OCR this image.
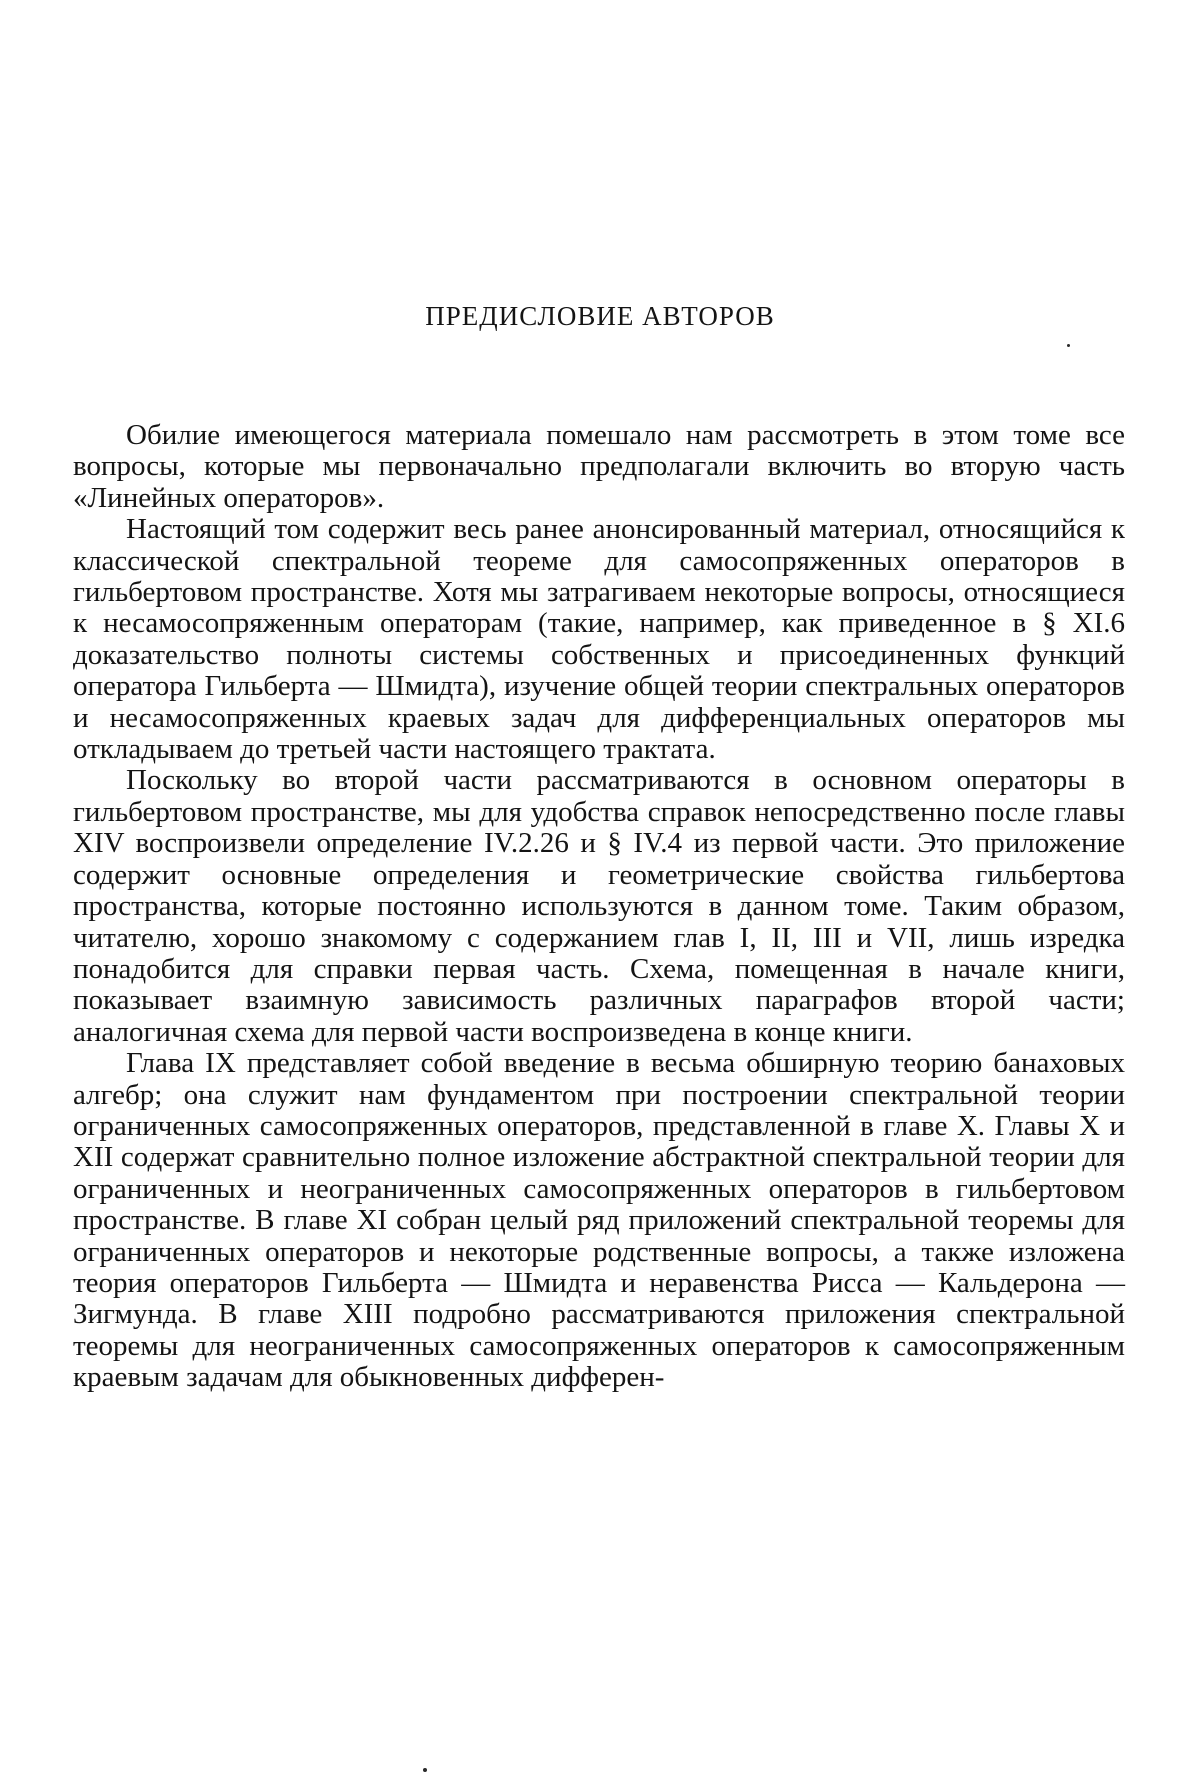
ПРЕДИСЛОВИЕ АВТОРОВ

Обилие имеющегося материала помешало нам рассмотреть в этом томе все вопросы, которые мы первоначально предполагали включить во вторую часть «Линейных операторов».

Настоящий том содержит весь ранее анонсированный материал, относящийся к классической спектральной теореме для самосопряженных операторов в гильбертовом пространстве. Хотя мы затрагиваем некоторые вопросы, относящиеся к несамосопряженным операторам (такие, например, как приведенное в § XI.6 доказательство полноты системы собственных и присоединенных функций оператора Гильберта — Шмидта), изучение общей теории спектральных операторов и несамосопряженных краевых задач для дифференциальных операторов мы откладываем до третьей части настоящего трактата.

Поскольку во второй части рассматриваются в основном операторы в гильбертовом пространстве, мы для удобства справок непосредственно после главы XIV воспроизвели определение IV.2.26 и § IV.4 из первой части. Это приложение содержит основные определения и геометрические свойства гильбертова пространства, которые постоянно используются в данном томе. Таким образом, читателю, хорошо знакомому с содержанием глав I, II, III и VII, лишь изредка понадобится для справки первая часть. Схема, помещенная в начале книги, показывает взаимную зависимость различных параграфов второй части; аналогичная схема для первой части воспроизведена в конце книги.

Глава IX представляет собой введение в весьма обширную теорию банаховых алгебр; она служит нам фундаментом при построении спектральной теории ограниченных самосопряженных операторов, представленной в главе X. Главы X и XII содержат сравнительно полное изложение абстрактной спектральной теории для ограниченных и неограниченных самосопряженных операторов в гильбертовом пространстве. В главе XI собран целый ряд приложений спектральной теоремы для ограниченных операторов и некоторые родственные вопросы, а также изложена теория операторов Гильберта — Шмидта и неравенства Рисса — Кальдерона — Зигмунда. В главе XIII подробно рассматриваются приложения спектральной теоремы для неограниченных самосопряженных операторов к самосопряженным краевым задачам для обыкновенных дифферен-
